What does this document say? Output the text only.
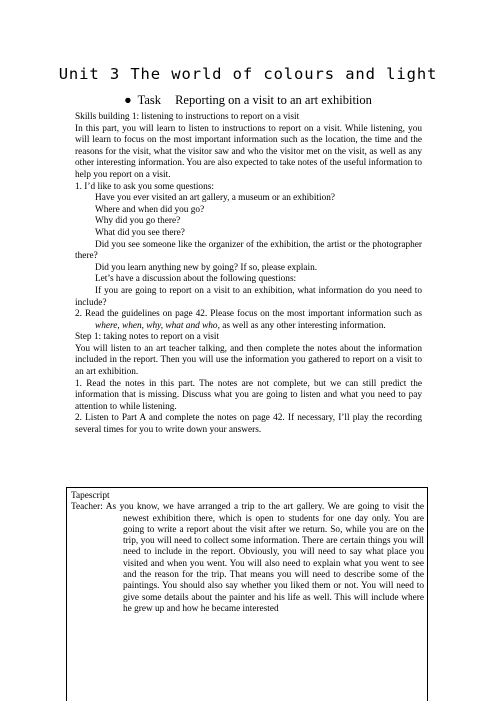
Unit 3 The world of colours and light
● Task Reporting on a visit to an art exhibition

Skills building 1: listening to instructions to report on a visit

In this part, you will learn to listen to instructions to report on a visit. While listening, you will learn to focus on the most important information such as the location, the time and the reasons for the visit, what the visitor saw and who the visitor met on the visit, as well as any other interesting information. You are also expected to take notes of the useful information to help you report on a visit.

1. I’d like to ask you some questions:

Have you ever visited an art gallery, a museum or an exhibition?

Where and when did you go?

Why did you go there?

What did you see there?

Did you see someone like the organizer of the exhibition, the artist or the photographer there?

Did you learn anything new by going? If so, please explain.

Let’s have a discussion about the following questions:

If you are going to report on a visit to an exhibition, what information do you need to include?

2. Read the guidelines on page 42. Please focus on the most important information such as where, when, why, what and who, as well as any other interesting information.

Step 1: taking notes to report on a visit

You will listen to an art teacher talking, and then complete the notes about the information included in the report. Then you will use the information you gathered to report on a visit to an art exhibition.

1. Read the notes in this part. The notes are not complete, but we can still predict the information that is missing. Discuss what you are going to listen and what you need to pay attention to while listening.

2. Listen to Part A and complete the notes on page 42. If necessary, I’ll play the recording several times for you to write down your answers.

Tapescript

Teacher: As you know, we have arranged a trip to the art gallery. We are going to visit the newest exhibition there, which is open to students for one day only. You are going to write a report about the visit after we return. So, while you are on the trip, you will need to collect some information. There are certain things you will need to include in the report. Obviously, you will need to say what place you visited and when you went. You will also need to explain what you went to see and the reason for the trip. That means you will need to describe some of the paintings. You should also say whether you liked them or not. You will need to give some details about the painter and his life as well. This will include where he grew up and how he became interested
